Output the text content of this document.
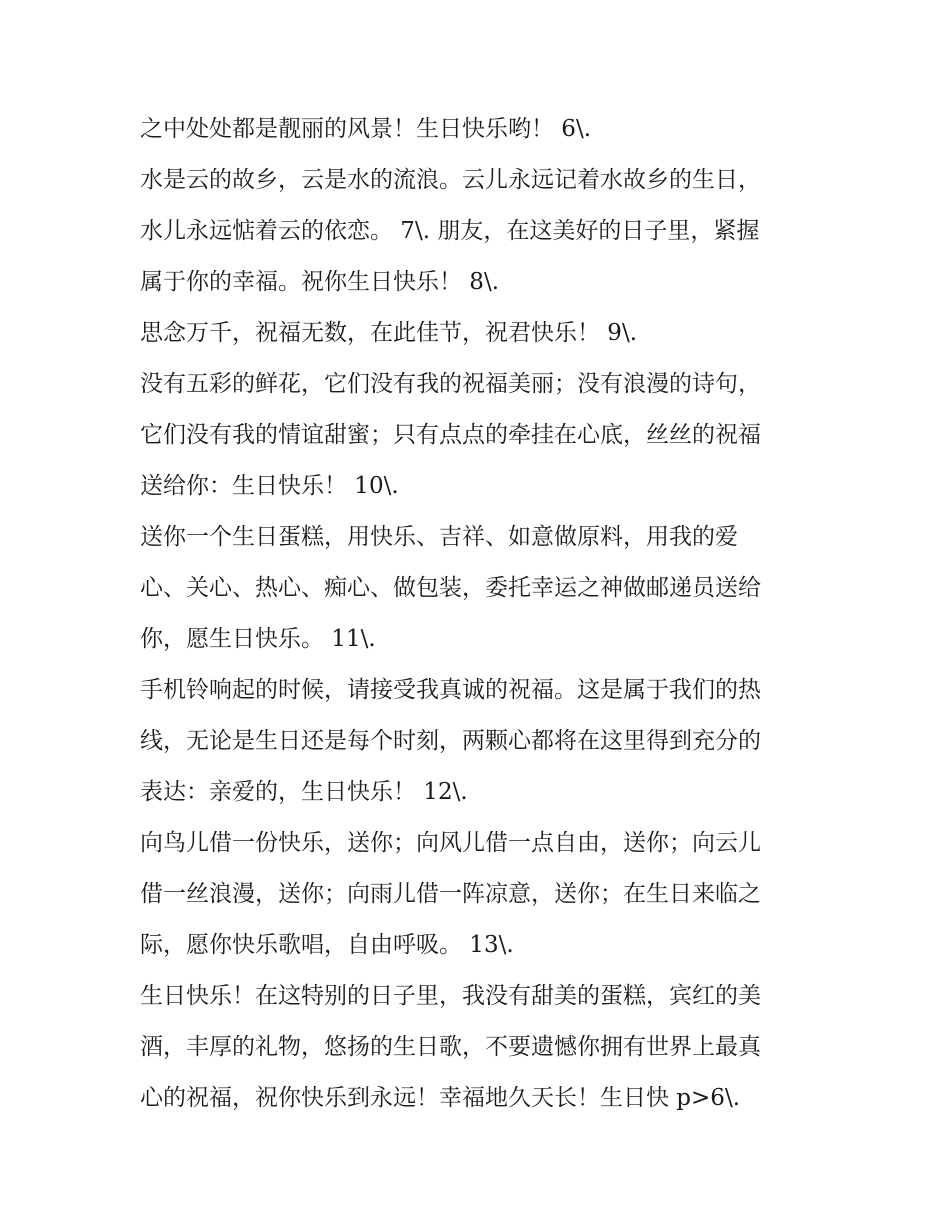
之中处处都是靓丽的风景！生日快乐哟！ 6\.
水是云的故乡，云是水的流浪。云儿永远记着水故乡的生日，
水儿永远惦着云的依恋。 7\. 朋友，在这美好的日子里，紧握
属于你的幸福。祝你生日快乐！ 8\.
思念万千，祝福无数，在此佳节，祝君快乐！ 9\.
没有五彩的鲜花，它们没有我的祝福美丽；没有浪漫的诗句，
它们没有我的情谊甜蜜；只有点点的牵挂在心底，丝丝的祝福
送给你：生日快乐！ 10\.
送你一个生日蛋糕，用快乐、吉祥、如意做原料，用我的爱
心、关心、热心、痴心、做包装，委托幸运之神做邮递员送给
你，愿生日快乐。 11\.
手机铃响起的时候，请接受我真诚的祝福。这是属于我们的热
线，无论是生日还是每个时刻，两颗心都将在这里得到充分的
表达：亲爱的，生日快乐！ 12\.
向鸟儿借一份快乐，送你；向风儿借一点自由，送你；向云儿
借一丝浪漫，送你；向雨儿借一阵凉意，送你；在生日来临之
际，愿你快乐歌唱，自由呼吸。 13\.
生日快乐！在这特别的日子里，我没有甜美的蛋糕，宾红的美
酒，丰厚的礼物，悠扬的生日歌，不要遗憾你拥有世界上最真
心的祝福，祝你快乐到永远！幸福地久天长！生日快 p>6\.
